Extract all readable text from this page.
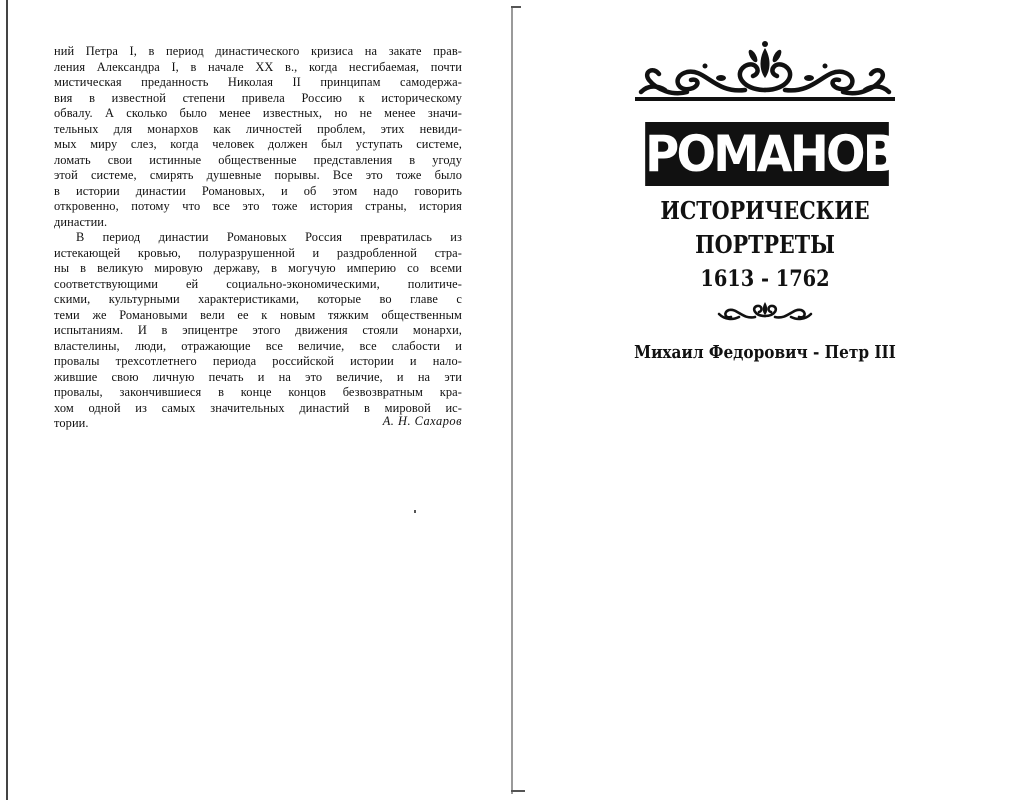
ний Петра I, в период династического кризиса на закате прав-
ления Александра I, в начале XX в., когда несгибаемая, почти
мистическая преданность Николая II принципам самодержа-
вия в известной степени привела Россию к историческому
обвалу. А сколько было менее известных, но не менее значи-
тельных для монархов как личностей проблем, этих невиди-
мых миру слез, когда человек должен был уступать системе,
ломать свои истинные общественные представления в угоду
этой системе, смирять душевные порывы. Все это тоже было
в истории династии Романовых, и об этом надо говорить
откровенно, потому что все это тоже история страны, история
династии.
В период династии Романовых Россия превратилась из
истекающей кровью, полуразрушенной и раздробленной стра-
ны в великую мировую державу, в могучую империю со всеми
соответствующими ей социально-экономическими, политиче-
скими, культурными характеристиками, которые во главе с
теми же Романовыми вели ее к новым тяжким общественным
испытаниям. И в эпицентре этого движения стояли монархи,
властелины, люди, отражающие все величие, все слабости и
провалы трехсотлетнего периода российской истории и нало-
жившие свою личную печать и на это величие, и на эти
провалы, закончившиеся в конце концов безвозвратным кра-
хом одной из самых значительных династий в мировой ис-
тории.	А. Н. Сахаров
РОМАНОВЫ
ИСТОРИЧЕСКИЕ
ПОРТРЕТЫ
1613 - 1762
Михаил Федорович - Петр III
